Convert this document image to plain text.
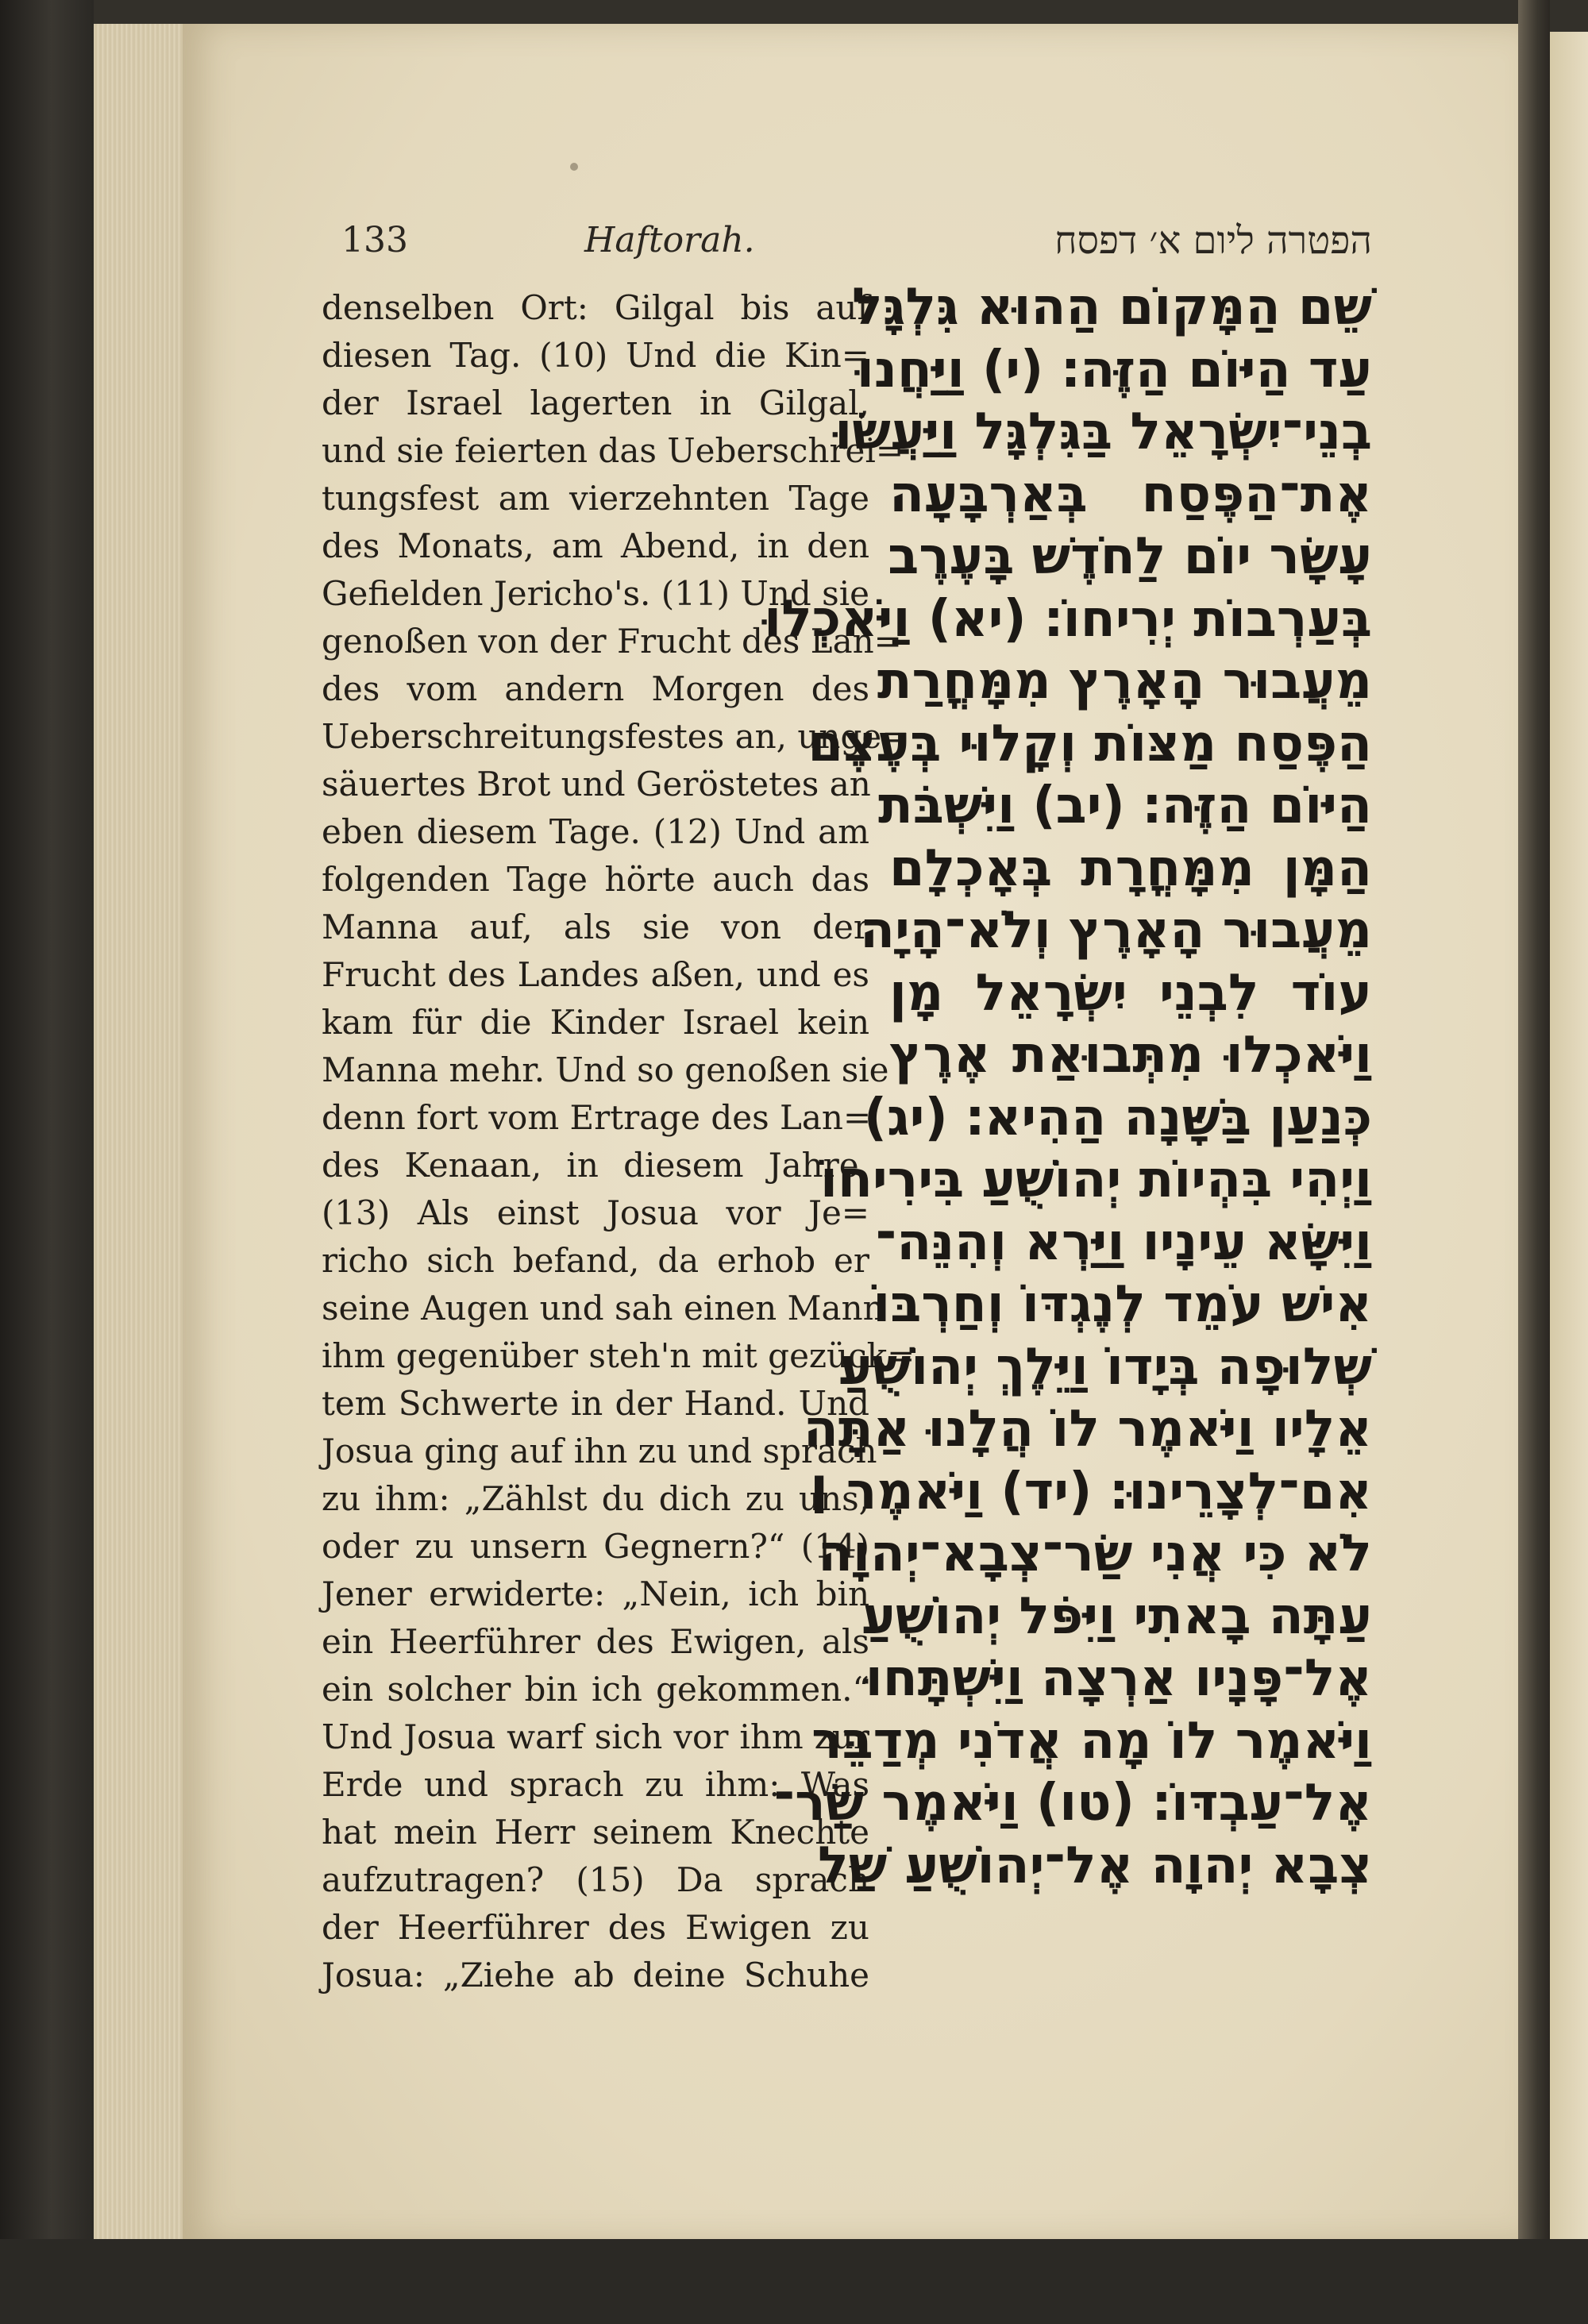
133	Haftorah.	הפטרה ליום א׳ דפסח
denselben Ort: Gilgal bis auf
diesen Tag. (10) Und die Kin=
der Israel lagerten in Gilgal,
und sie feierten das Ueberschrei=
tungsfest am vierzehnten Tage
des Monats, am Abend, in den
Gefielden Jericho's. (11) Und sie
genoßen von der Frucht des Lan=
des vom andern Morgen des
Ueberschreitungsfestes an, unge=
säuertes Brot und Geröstetes an
eben diesem Tage. (12) Und am
folgenden Tage hörte auch das
Manna auf, als sie von der
Frucht des Landes aßen, und es
kam für die Kinder Israel kein
Manna mehr. Und so genoßen sie
denn fort vom Ertrage des Lan=
des Kenaan, in diesem Jahre.
(13) Als einst Josua vor Je=
richo sich befand, da erhob er
seine Augen und sah einen Mann
ihm gegenüber steh'n mit gezück=
tem Schwerte in der Hand. Und
Josua ging auf ihn zu und sprach
zu ihm: „Zählst du dich zu uns,
oder zu unsern Gegnern?“ (14)
Jener erwiderte: „Nein, ich bin
ein Heerführer des Ewigen, als
ein solcher bin ich gekommen.“
Und Josua warf sich vor ihm zur
Erde und sprach zu ihm: Was
hat mein Herr seinem Knechte
aufzutragen? (15) Da sprach
der Heerführer des Ewigen zu
Josua: „Ziehe ab deine Schuhe
שֵׁם הַמָּקוֹם הַהוּא גִּלְגָּל
עַד הַיּוֹם הַזֶּה׃ (י) וַיַּחֲנוּ
בְנֵי־יִשְׂרָאֵל בַּגִּלְגָּל וַיַּעֲשׂוּ
אֶת־הַפֶּסַח בְּאַרְבָּעָה
עָשָׂר יוֹם לַחֹדֶשׁ בָּעֶרֶב
בְּעַרְבוֹת יְרִיחוֹ׃ (יא) וַיֹּאכְלוּ
מֵעֲבוּר הָאָרֶץ מִמָּחֳרַת
הַפֶּסַח מַצּוֹת וְקָלוּי בְּעֶצֶם
הַיּוֹם הַזֶּה׃ (יב) וַיִּשְׁבֹּת
הַמָּן מִמָּחֳרָת בְּאָכְלָם
מֵעֲבוּר הָאָרֶץ וְלֹא־הָיָה
עוֹד לִבְנֵי יִשְׂרָאֵל מָן
וַיֹּאכְלוּ מִתְּבוּאַת אֶרֶץ
כְּנַעַן בַּשָּׁנָה הַהִיא׃ (יג)
וַיְהִי בִּהְיוֹת יְהוֹשֻׁעַ בִּירִיחוֹ
וַיִּשָּׂא עֵינָיו וַיַּרְא וְהִנֵּה־
אִישׁ עֹמֵד לְנֶגְדּוֹ וְחַרְבּוֹ
שְׁלוּפָה בְּיָדוֹ וַיֵּלֶךְ יְהוֹשֻׁעַ
אֵלָיו וַיֹּאמֶר לוֹ הֲלָנוּ אַתָּה
אִם־לְצָרֵינוּ׃ (יד) וַיֹּאמֶר ׀
לֹא כִּי אֲנִי שַׂר־צְבָא־יְהוָה
עַתָּה בָאתִי וַיִּפֹּל יְהוֹשֻׁעַ
אֶל־פָּנָיו אַרְצָה וַיִּשְׁתָּחוּ
וַיֹּאמֶר לוֹ מָה אֲדֹנִי מְדַבֵּר
אֶל־עַבְדּוֹ׃ (טו) וַיֹּאמֶר שַׂר־
צְבָא יְהוָה אֶל־יְהוֹשֻׁעַ שַׁל
